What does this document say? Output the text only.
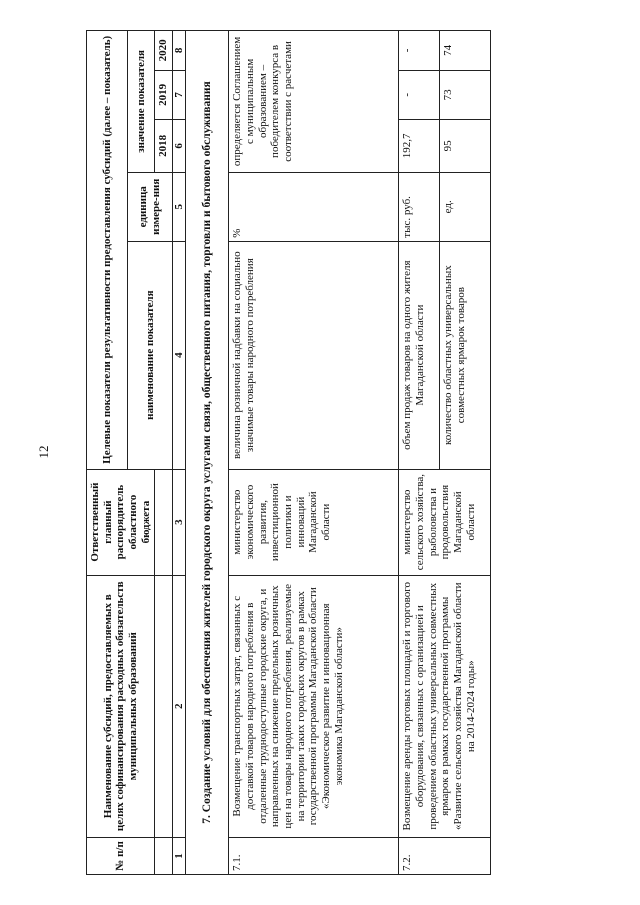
12
№ п/п	Наименование субсидий, предоставляемых в целях софинансирования расходных обязательств муниципальных образований	Ответственный главный распорядитель областного бюджета	Целевые показатели результативности предоставления субсидий (далее – показатель)				
			наименование показателя	единица измере-ния	значение показателя		
					2018	2019	2020
1	2	3	4	5	6	7	8
7. Создание условий для обеспечения жителей городского округа услугами связи, общественного питания, торговли и бытового обслуживания							
7.1.	Возмещение транспортных затрат, связанных с доставкой товаров народного потребления в отдаленные труднодоступные городские округа, и направленных на снижение предельных розничных цен на товары народного потребления, реализуемые на территории таких городских округов в рамках государственной программы Магаданской области «Экономическое развитие и инновационная экономика Магаданской области»	министерство экономического развития, инвестиционной политики и инноваций Магаданской области	величина розничной надбавки на социально значимые товары народного потребления	%	определяется Соглашением с муниципальным образованием – победителем конкурса в соответствии с расчетами		
7.2.	Возмещение аренды торговых площадей и торгового оборудования, связанных с организацией и проведением областных универсальных совместных ярмарок в рамках государственной программы «Развитие сельского хозяйства Магаданской области на 2014-2024 годы»	министерство сельского хозяйства, рыболовства и продовольствия Магаданской области	объем продаж товаров на одного жителя Магаданской области	тыс. руб.	192,7	-	-
			количество областных универсальных совместных ярмарок товаров	ед.	95	73	74
